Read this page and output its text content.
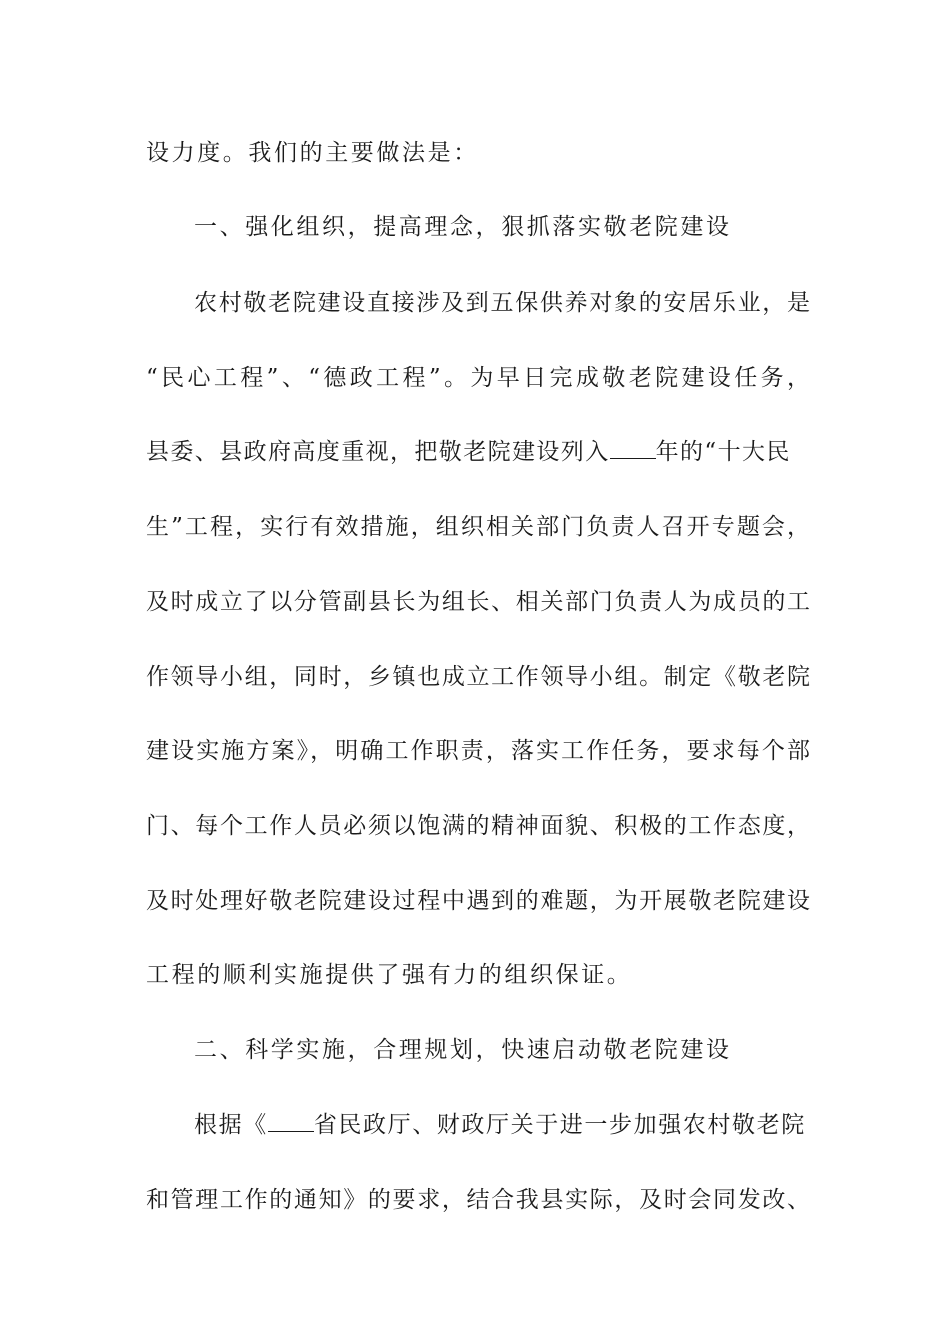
设力度。我们的主要做法是：
一、强化组织，提高理念，狠抓落实敬老院建设
农村敬老院建设直接涉及到五保供养对象的安居乐业，是
“民心工程”、“德政工程”。为早日完成敬老院建设任务，
县委、县政府高度重视，把敬老院建设列入 年的“十大民
生”工程，实行有效措施，组织相关部门负责人召开专题会，
及时成立了以分管副县长为组长、相关部门负责人为成员的工
作领导小组，同时，乡镇也成立工作领导小组。制定《敬老院
建设实施方案》，明确工作职责，落实工作任务，要求每个部
门、每个工作人员必须以饱满的精神面貌、积极的工作态度，
及时处理好敬老院建设过程中遇到的难题，为开展敬老院建设
工程的顺利实施提供了强有力的组织保证。
二、科学实施，合理规划，快速启动敬老院建设
根据《 省民政厅、财政厅关于进一步加强农村敬老院
和管理工作的通知》的要求，结合我县实际，及时会同发改、
